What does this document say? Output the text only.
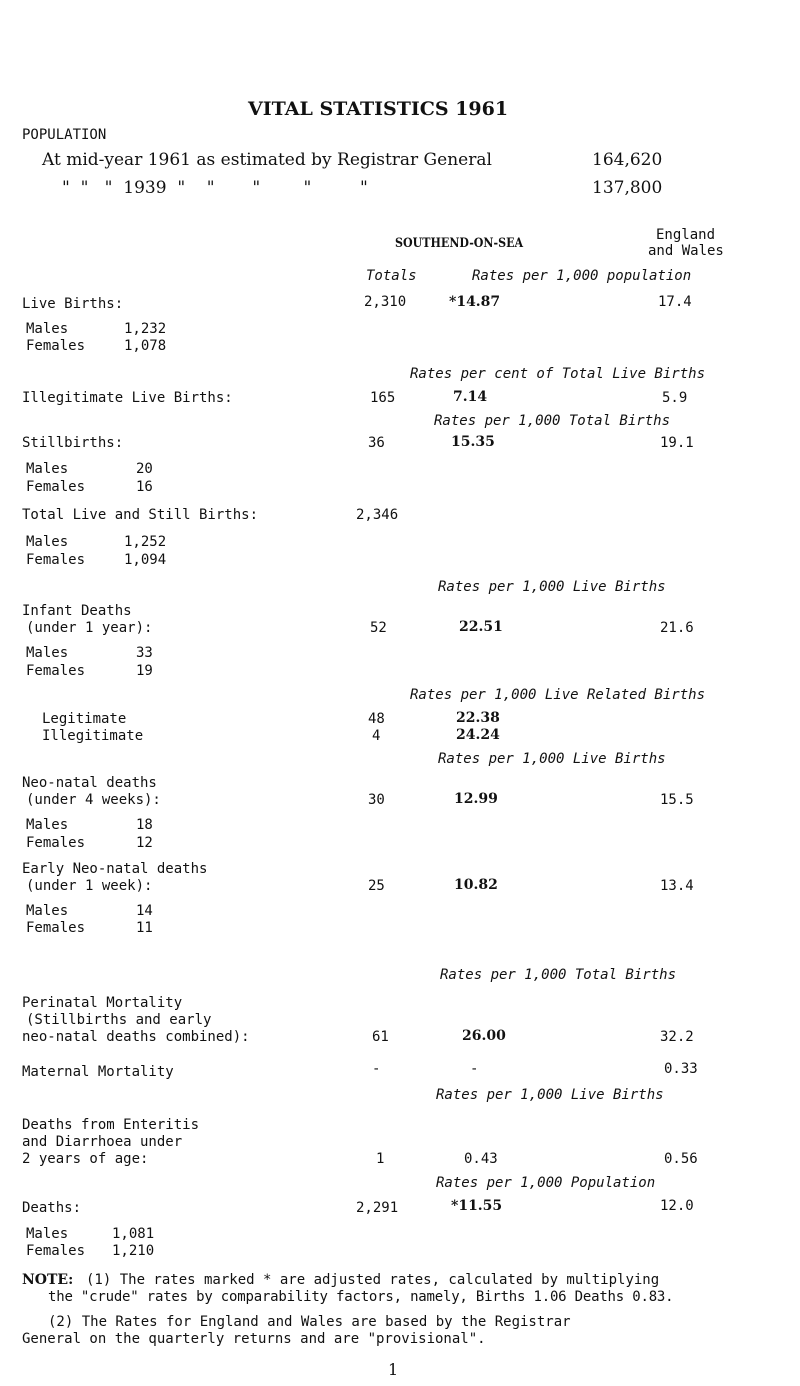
VITAL STATISTICS 1961
POPULATION
At mid-year 1961 as estimated by Registrar General	164,620
"  "   "  1939  "    "       "        "         "	137,800
SOUTHEND-ON-SEA
England
and Wales
Totals	Rates per 1,000 population
Live Births:	2,310	*14.87	17.4
Males	1,232
Females	1,078
Rates per cent of Total Live Births
Illegitimate Live Births:	165	7.14	5.9
Rates per 1,000 Total Births
Stillbirths:	36	15.35	19.1
Males	20
Females	16
Total Live and Still Births:	2,346
Males	1,252
Females	1,094
Rates per 1,000 Live Births
Infant Deaths
(under 1 year):	52	22.51	21.6
Males	33
Females	19
Rates per 1,000 Live Related Births
Legitimate	48	22.38
Illegitimate	4	24.24
Rates per 1,000 Live Births
Neo-natal deaths
(under 4 weeks):	30	12.99	15.5
Males	18
Females	12
Early Neo-natal deaths
(under 1 week):	25	10.82	13.4
Males	14
Females	11
Rates per 1,000 Total Births
Perinatal Mortality
(Stillbirths and early
neo-natal deaths combined):	61	26.00	32.2
Maternal Mortality	-	-	0.33
Rates per 1,000 Live Births
Deaths from Enteritis
and Diarrhoea under
2 years of age:	1	0.43	0.56
Rates per 1,000 Population
Deaths:	2,291	*11.55	12.0
Males	1,081
Females 1,210
NOTE: (1) The rates marked * are adjusted rates, calculated by multiplying
the "crude" rates by comparability factors, namely, Births 1.06 Deaths 0.83.
(2) The Rates for England and Wales are based by the Registrar
General on the quarterly returns and are "provisional".
1
